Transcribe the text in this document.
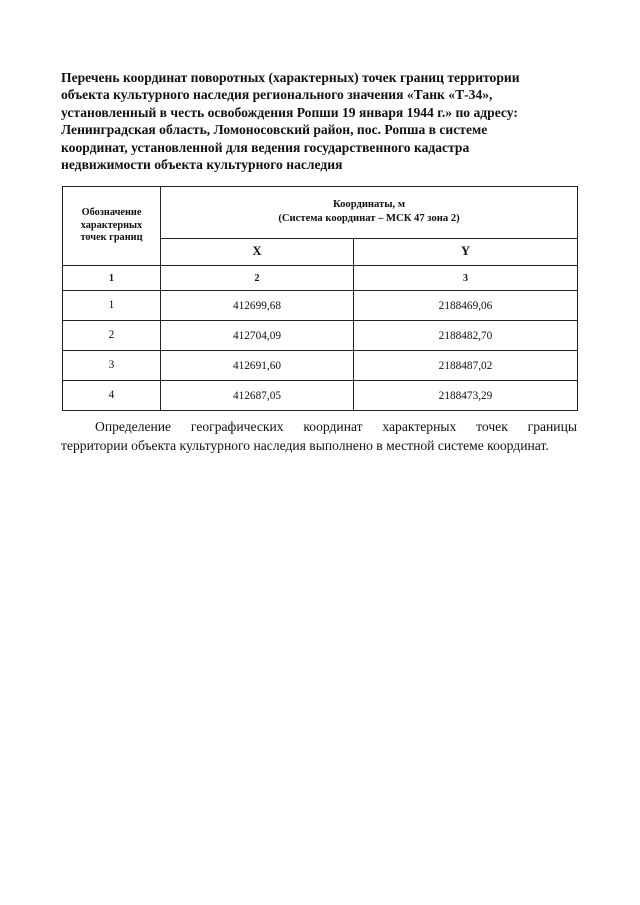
Перечень координат поворотных (характерных) точек границ территории
объекта культурного наследия регионального значения «Танк «Т-34»,
установленный в честь освобождения Ропши 19 января 1944 г.» по адресу:
Ленинградская область, Ломоносовский район, пос. Ропша в системе
координат, установленной для ведения государственного кадастра
недвижимости объекта культурного наследия
Обозначение
характерных
точек границ	Координаты, м
(Система координат – МСК 47 зона 2)	
	X	Y
1	2	3
1	412699,68	2188469,06
2	412704,09	2188482,70
3	412691,60	2188487,02
4	412687,05	2188473,29
Определение географических координат характерных точек границы
территории объекта культурного наследия выполнено в местной системе координат.
